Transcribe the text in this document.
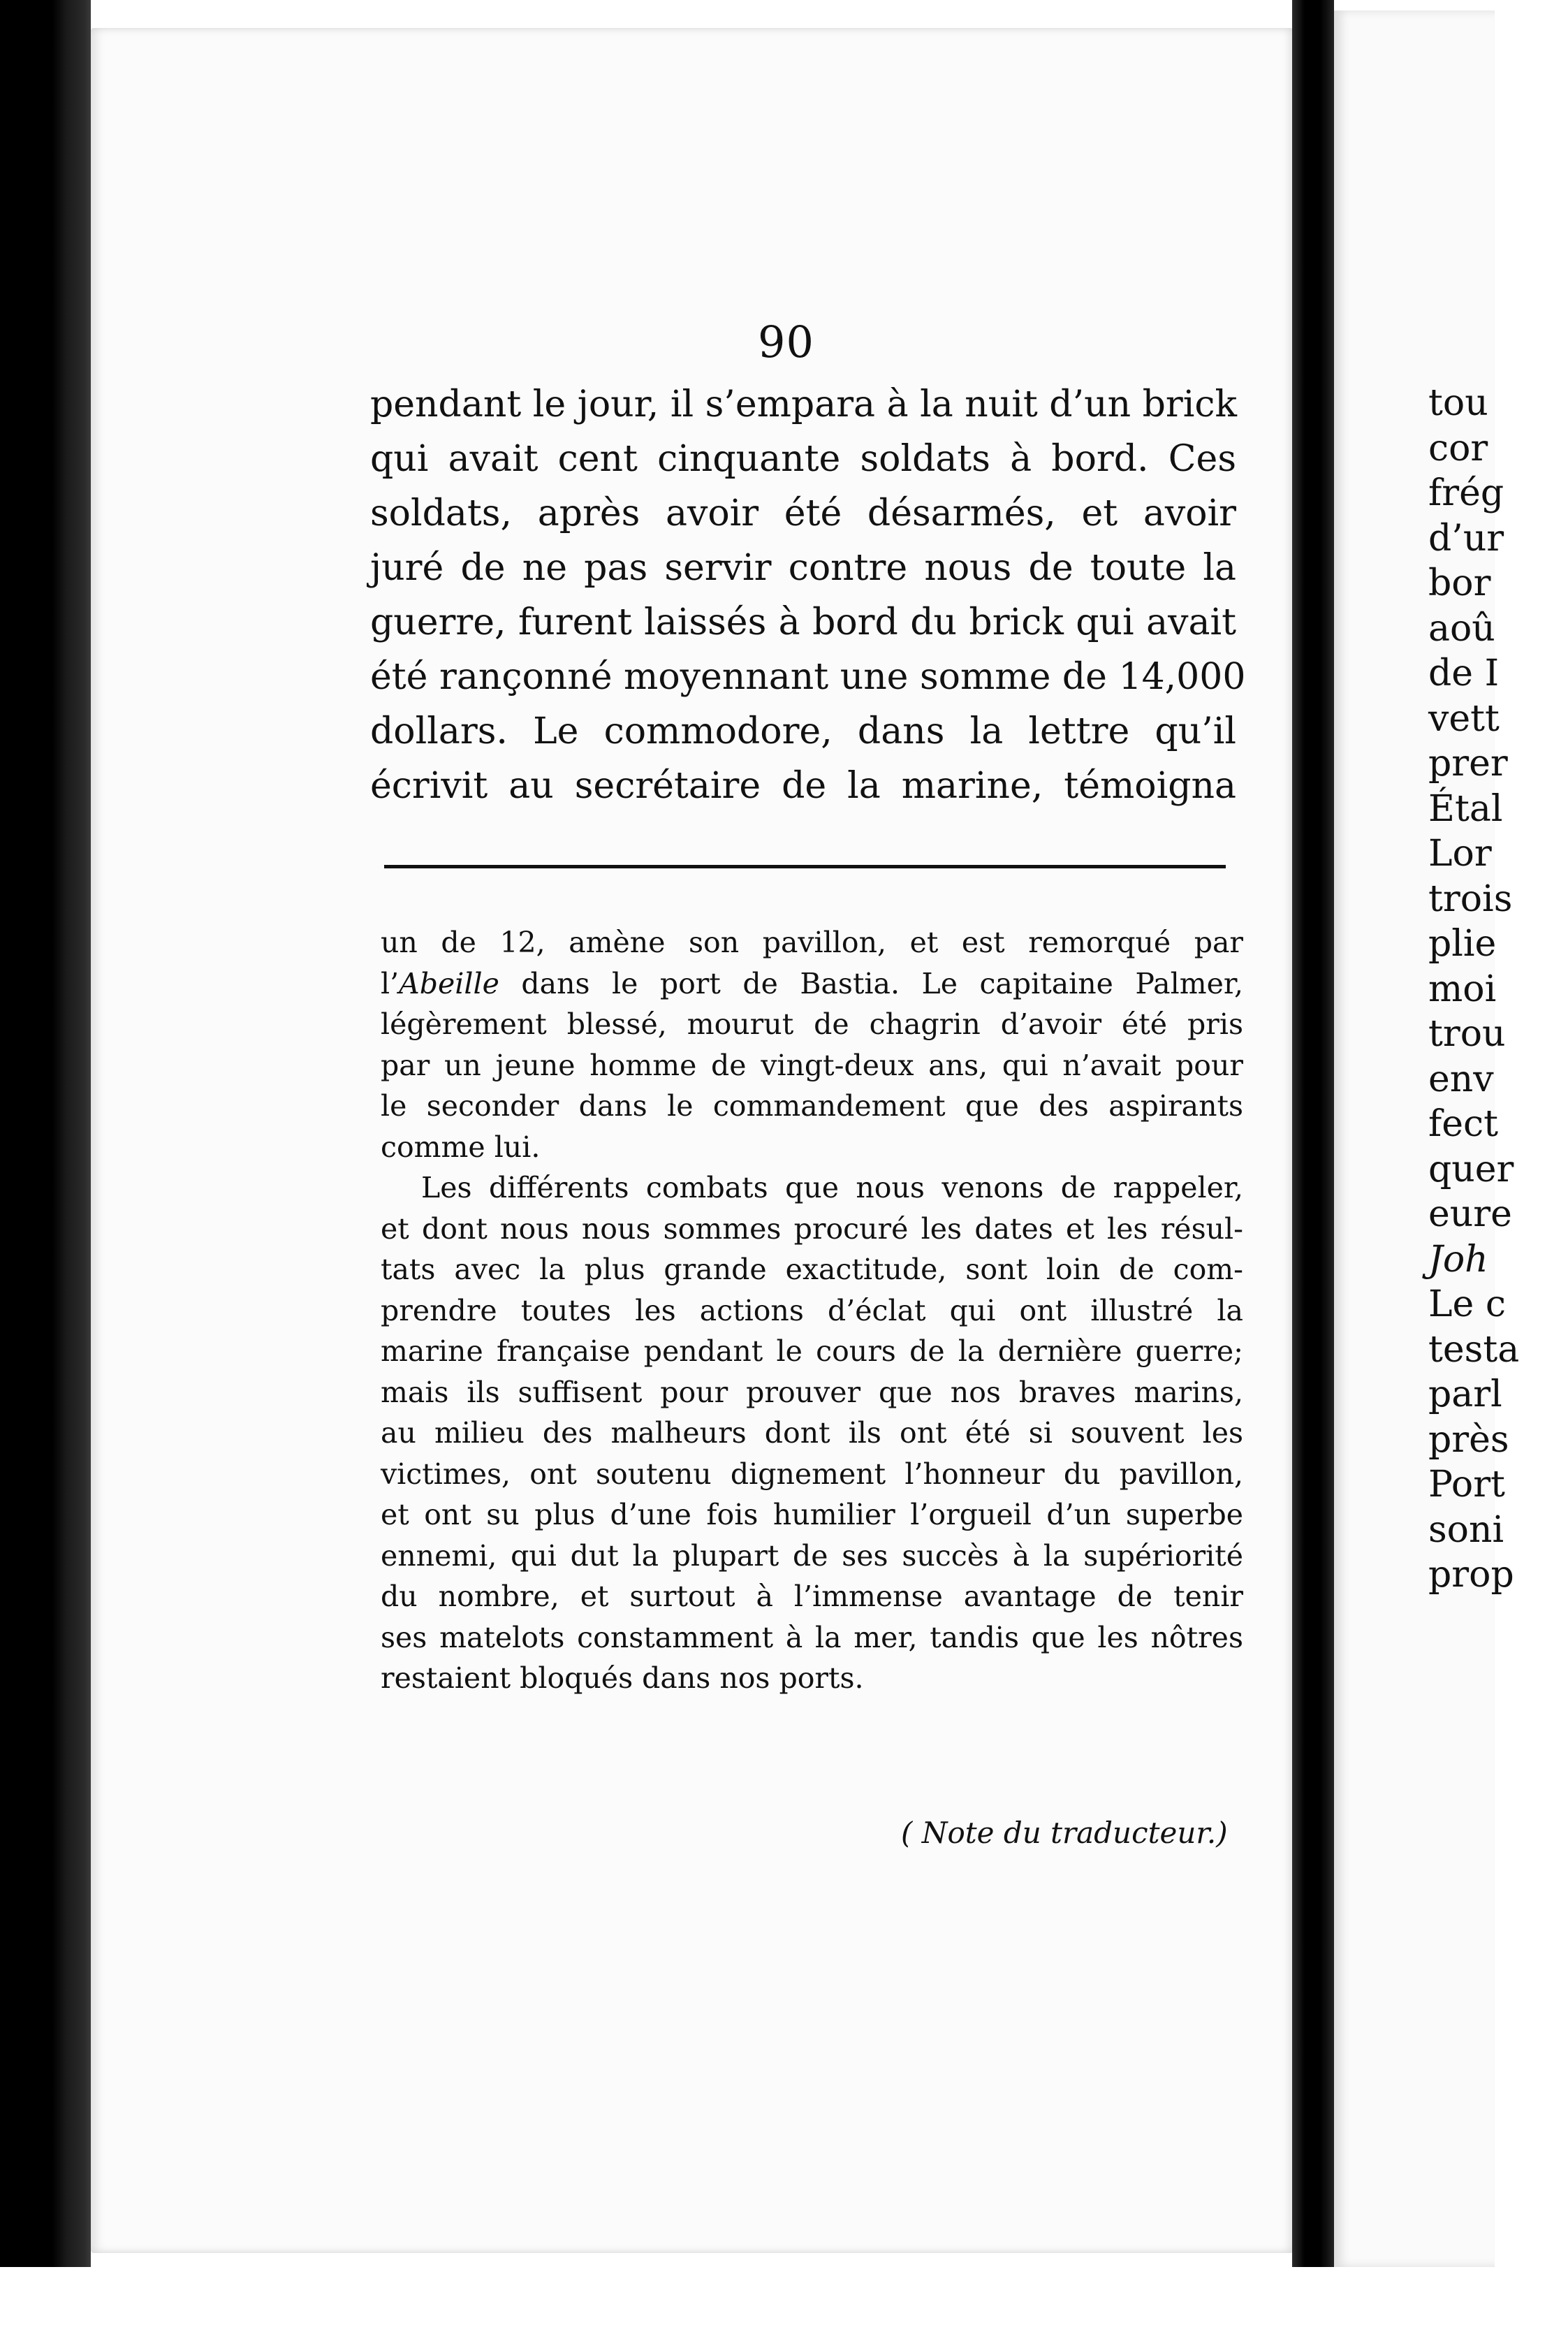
90
pendant le jour, il s’empara à la nuit d’un brick
qui avait cent cinquante soldats à bord. Ces
soldats, après avoir été désarmés, et avoir
juré de ne pas servir contre nous de toute la
guerre, furent laissés à bord du brick qui avait
été rançonné moyennant une somme de 14,000
dollars. Le commodore, dans la lettre qu’il
écrivit au secrétaire de la marine, témoigna
un de 12, amène son pavillon, et est remorqué par
l’Abeille dans le port de Bastia. Le capitaine Palmer,
légèrement blessé, mourut de chagrin d’avoir été pris
par un jeune homme de vingt-deux ans, qui n’avait pour
le seconder dans le commandement que des aspirants
comme lui.
Les différents combats que nous venons de rappeler,
et dont nous nous sommes procuré les dates et les résul-
tats avec la plus grande exactitude, sont loin de com-
prendre toutes les actions d’éclat qui ont illustré la
marine française pendant le cours de la dernière guerre;
mais ils suffisent pour prouver que nos braves marins,
au milieu des malheurs dont ils ont été si souvent les
victimes, ont soutenu dignement l’honneur du pavillon,
et ont su plus d’une fois humilier l’orgueil d’un superbe
ennemi, qui dut la plupart de ses succès à la supériorité
du nombre, et surtout à l’immense avantage de tenir
ses matelots constamment à la mer, tandis que les nôtres
restaient bloqués dans nos ports.
( Note du traducteur.)
tou
cor
frég
d’ur
bor
aoû
de I
vett
prer
Étal
Lor
trois
plie
moi
trou
env
fect
quer
eure
Joh
Le c
testa
parl
près
Port
soni
prop
